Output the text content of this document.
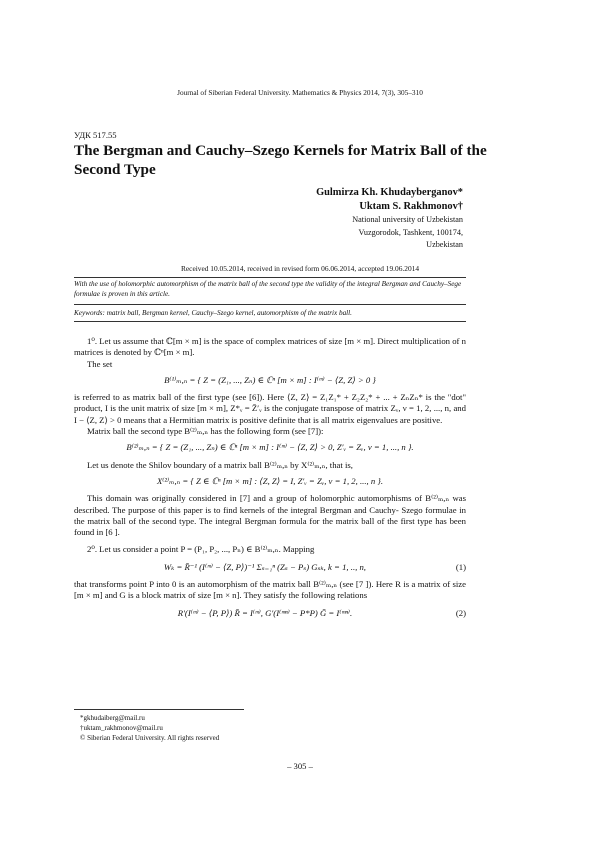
Journal of Siberian Federal University. Mathematics & Physics 2014, 7(3), 305–310
УДК 517.55
The Bergman and Cauchy–Szego Kernels for Matrix Ball of the Second Type
Gulmirza Kh. Khudayberganov*
Uktam S. Rakhmonov†
National university of Uzbekistan
Vuzgorodok, Tashkent, 100174,
Uzbekistan
Received 10.05.2014, received in revised form 06.06.2014, accepted 19.06.2014
With the use of holomorphic automorphism of the matrix ball of the second type the validity of the integral Bergman and Cauchy–Sege formulae is proven in this article.

Keywords: matrix ball, Bergman kernel, Cauchy–Szego kernel, automorphism of the matrix ball.

1⁰. Let us assume that ℂ[m × m] is the space of complex matrices of size [m × m]. Direct multiplication of n matrices is denoted by ℂⁿ[m × m].

The set

B⁽¹⁾ₘ,ₙ = { Z = (Z₁, ..., Zₙ) ∈ ℂⁿ [m × m] : I⁽ᵐ⁾ − ⟨Z, Z⟩ > 0 }

is referred to as matrix ball of the first type (see [6]). Here ⟨Z, Z⟩ = Z₁Z₁* + Z₂Z₂* + ... + ZₙZₙ* is the "dot" product, I is the unit matrix of size [m × m], Z*ᵥ = Z̄′ᵥ is the conjugate transpose of matrix Zᵥ, ν = 1, 2, ..., n, and I − ⟨Z, Z⟩ > 0 means that a Hermitian matrix is positive definite that is all matrix eigenvalues are positive.

Matrix ball the second type B⁽²⁾ₘ,ₙ has the following form (see [7]):

B⁽²⁾ₘ,ₙ = { Z = (Z₁, ..., Zₙ) ∈ ℂⁿ [m × m] : I⁽ᵐ⁾ − ⟨Z, Z⟩ > 0, Z′ᵥ = Zᵥ, ν = 1, ..., n }.

Let us denote the Shilov boundary of a matrix ball B⁽²⁾ₘ,ₙ by X⁽²⁾ₘ,ₙ, that is,

X⁽²⁾ₘ,ₙ = { Z ∈ ℂⁿ [m × m] : ⟨Z, Z⟩ = I, Z′ᵥ = Zᵥ, ν = 1, 2, ..., n }.

This domain was originally considered in [7] and a group of holomorphic automorphisms of B⁽²⁾ₘ,ₙ was described. The purpose of this paper is to find kernels of the integral Bergman and Cauchy- Szego formulae in the matrix ball of the second type. The integral Bergman formula for the matrix ball of the first type has been found in [6 ].

2⁰. Let us consider a point P = (P₁, P₂, ..., Pₙ) ∈ B⁽²⁾ₘ,ₙ. Mapping

Wₖ = R̄⁻¹ (I⁽ᵐ⁾ − ⟨Z, P⟩)⁻¹ Σₛ₌₁ⁿ (Zₛ − Pₛ) Gₛₖ, k = 1, .., n,	(1)

that transforms point P into 0 is an automorphism of the matrix ball B⁽²⁾ₘ,ₙ (see [7 ]). Here R is a matrix of size [m × m] and G is a block matrix of size [m × n]. They satisfy the following relations

R′(I⁽ᵐ⁾ − ⟨P, P⟩) R̄ = I⁽ᵐ⁾, G′(I⁽ᵐⁿ⁾ − P*P) Ḡ = I⁽ᵐⁿ⁾.	(2)
*gkhudaiberg@mail.ru
†uktam_rakhmonov@mail.ru
© Siberian Federal University. All rights reserved
– 305 –
